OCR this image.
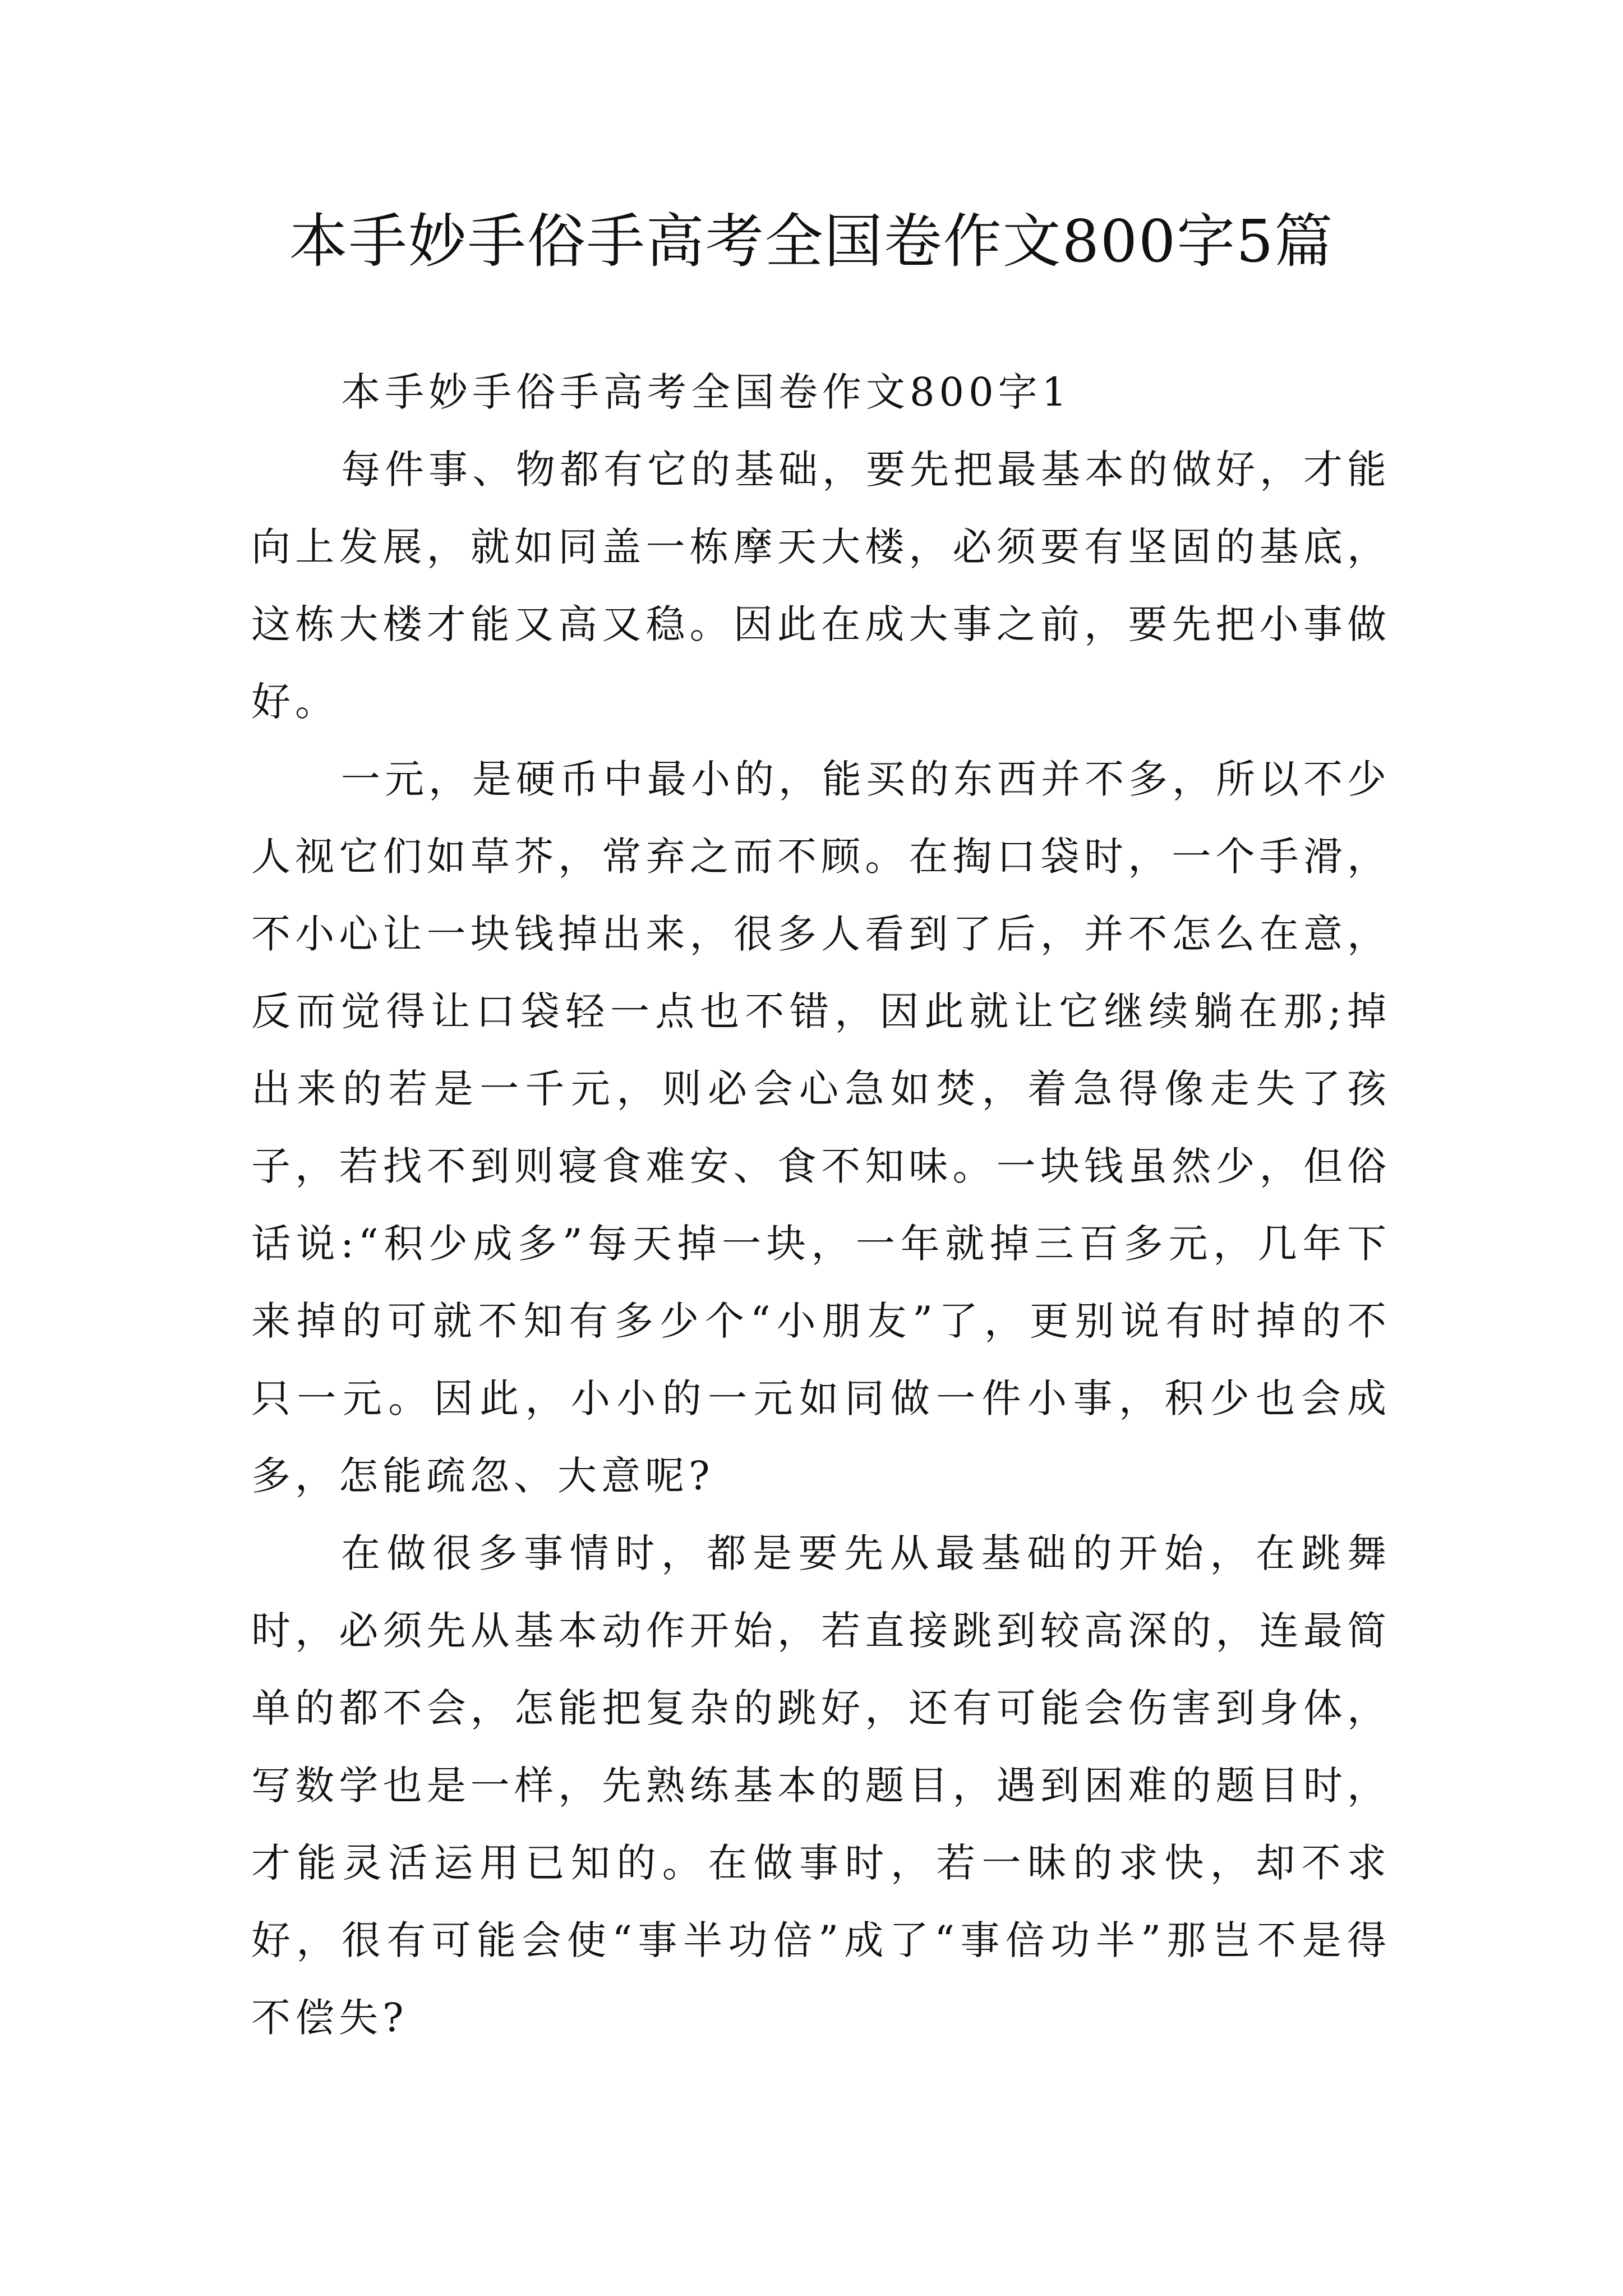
本手妙手俗手高考全国卷作文800字5篇

本手妙手俗手高考全国卷作文800字1

每件事、物都有它的基础，要先把最基本的做好，才能向上发展，就如同盖一栋摩天大楼，必须要有坚固的基底，这栋大楼才能又高又稳。因此在成大事之前，要先把小事做好。

一元，是硬币中最小的，能买的东西并不多，所以不少人视它们如草芥，常弃之而不顾。在掏口袋时，一个手滑，不小心让一块钱掉出来，很多人看到了后，并不怎么在意，反而觉得让口袋轻一点也不错，因此就让它继续躺在那;掉出来的若是一千元，则必会心急如焚，着急得像走失了孩子，若找不到则寝食难安、食不知味。一块钱虽然少，但俗话说:“积少成多”每天掉一块，一年就掉三百多元，几年下来掉的可就不知有多少个“小朋友”了，更别说有时掉的不只一元。因此，小小的一元如同做一件小事，积少也会成多，怎能疏忽、大意呢?

在做很多事情时，都是要先从最基础的开始，在跳舞时，必须先从基本动作开始，若直接跳到较高深的，连最简单的都不会，怎能把复杂的跳好，还有可能会伤害到身体，写数学也是一样，先熟练基本的题目，遇到困难的题目时，才能灵活运用已知的。在做事时，若一昧的求快，却不求好，很有可能会使“事半功倍”成了“事倍功半”那岂不是得不偿失?
